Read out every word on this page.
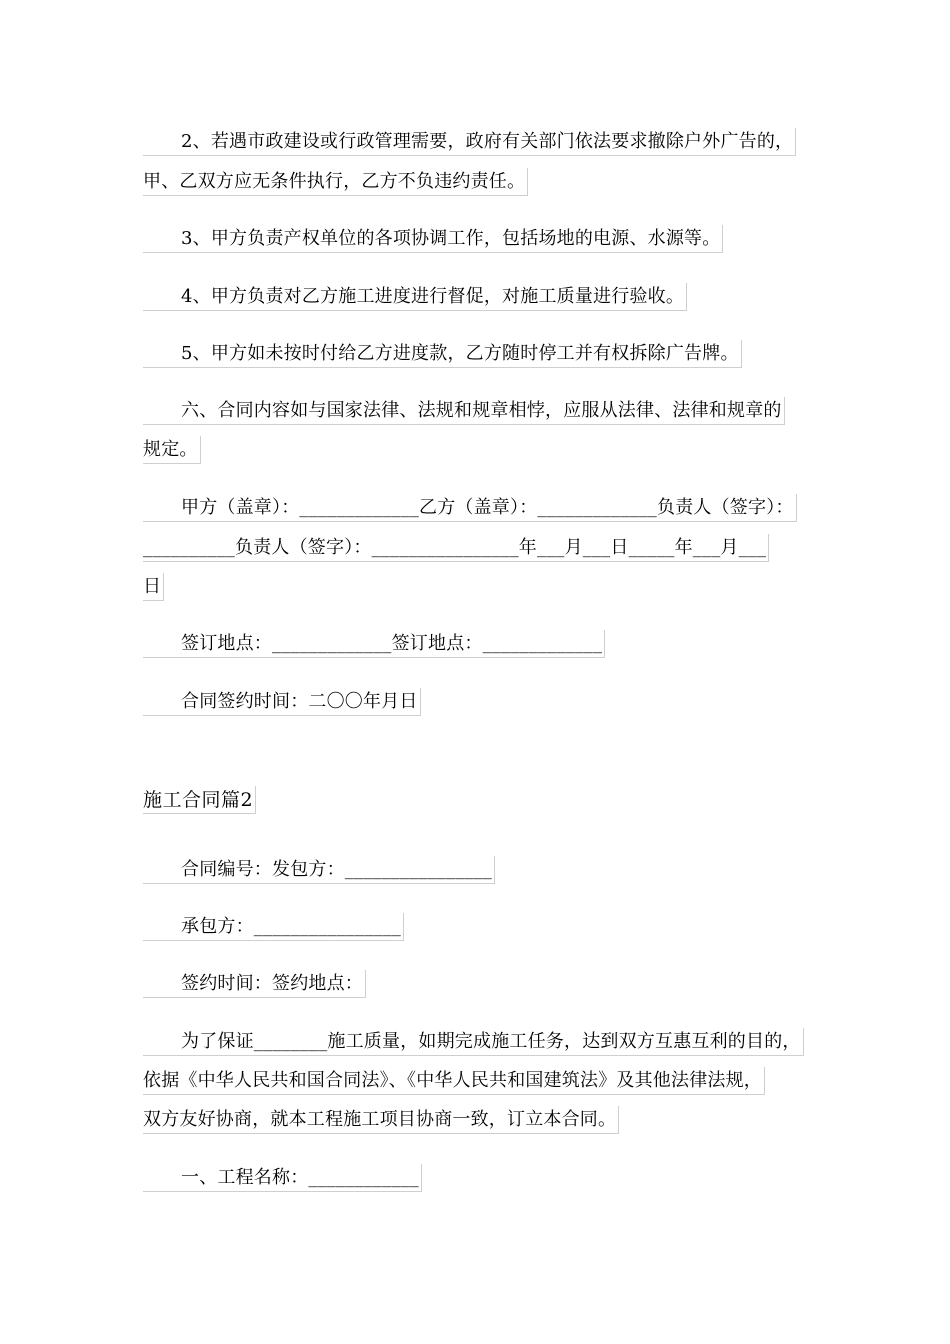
2、若遇市政建设或行政管理需要，政府有关部门依法要求撤除户外广告的，
甲、乙双方应无条件执行，乙方不负违约责任。
3、甲方负责产权单位的各项协调工作，包括场地的电源、水源等。
4、甲方负责对乙方施工进度进行督促，对施工质量进行验收。
5、甲方如未按时付给乙方进度款，乙方随时停工并有权拆除广告牌。
六、合同内容如与国家法律、法规和规章相悖，应服从法律、法律和规章的
规定。
甲方（盖章）：_____________乙方（盖章）：_____________负责人（签字）：
__________负责人（签字）：________________年___月___日_____年___月___
日
签订地点：_____________签订地点：_____________
合同签约时间：二〇〇年月日
施工合同篇2
合同编号：发包方：________________
承包方：________________
签约时间：签约地点：
为了保证________施工质量，如期完成施工任务，达到双方互惠互利的目的，
依据《中华人民共和国合同法》、《中华人民共和国建筑法》及其他法律法规，
双方友好协商，就本工程施工项目协商一致，订立本合同。
一、工程名称：____________
